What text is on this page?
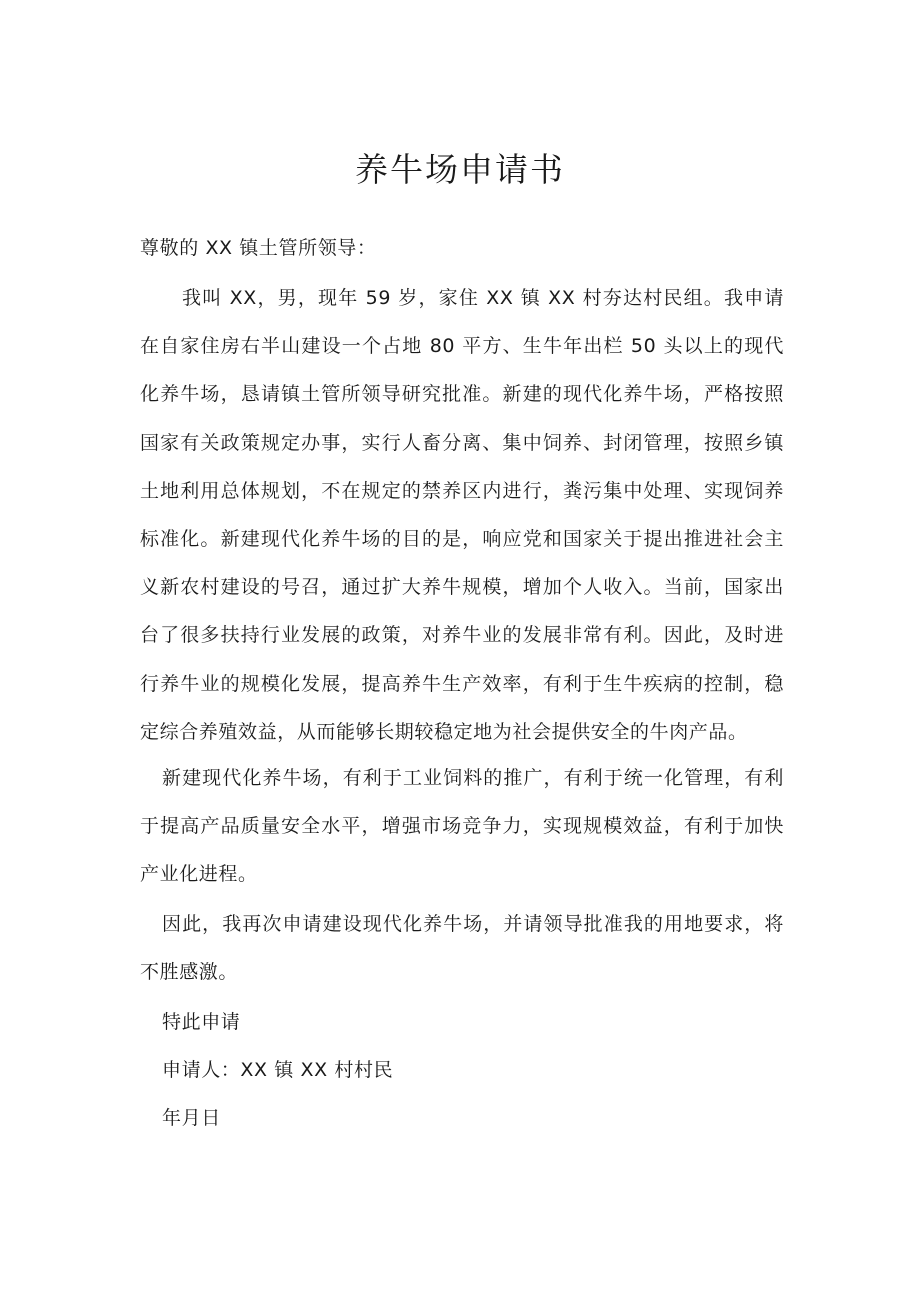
养牛场申请书
尊敬的 XX 镇土管所领导：
我叫 XX，男，现年 59 岁，家住 XX 镇 XX 村夯达村民组。我申请在自家住房右半山建设一个占地 80 平方、生牛年出栏 50 头以上的现代化养牛场，恳请镇土管所领导研究批准。新建的现代化养牛场，严格按照国家有关政策规定办事，实行人畜分离、集中饲养、封闭管理，按照乡镇土地利用总体规划，不在规定的禁养区内进行，粪污集中处理、实现饲养标准化。新建现代化养牛场的目的是，响应党和国家关于提出推进社会主义新农村建设的号召，通过扩大养牛规模，增加个人收入。当前，国家出台了很多扶持行业发展的政策，对养牛业的发展非常有利。因此，及时进行养牛业的规模化发展，提高养牛生产效率，有利于生牛疾病的控制，稳定综合养殖效益，从而能够长期较稳定地为社会提供安全的牛肉产品。
新建现代化养牛场，有利于工业饲料的推广，有利于统一化管理，有利于提高产品质量安全水平，增强市场竞争力，实现规模效益，有利于加快产业化进程。
因此，我再次申请建设现代化养牛场，并请领导批准我的用地要求，将不胜感激。
特此申请
申请人：XX 镇 XX 村村民
年月日
